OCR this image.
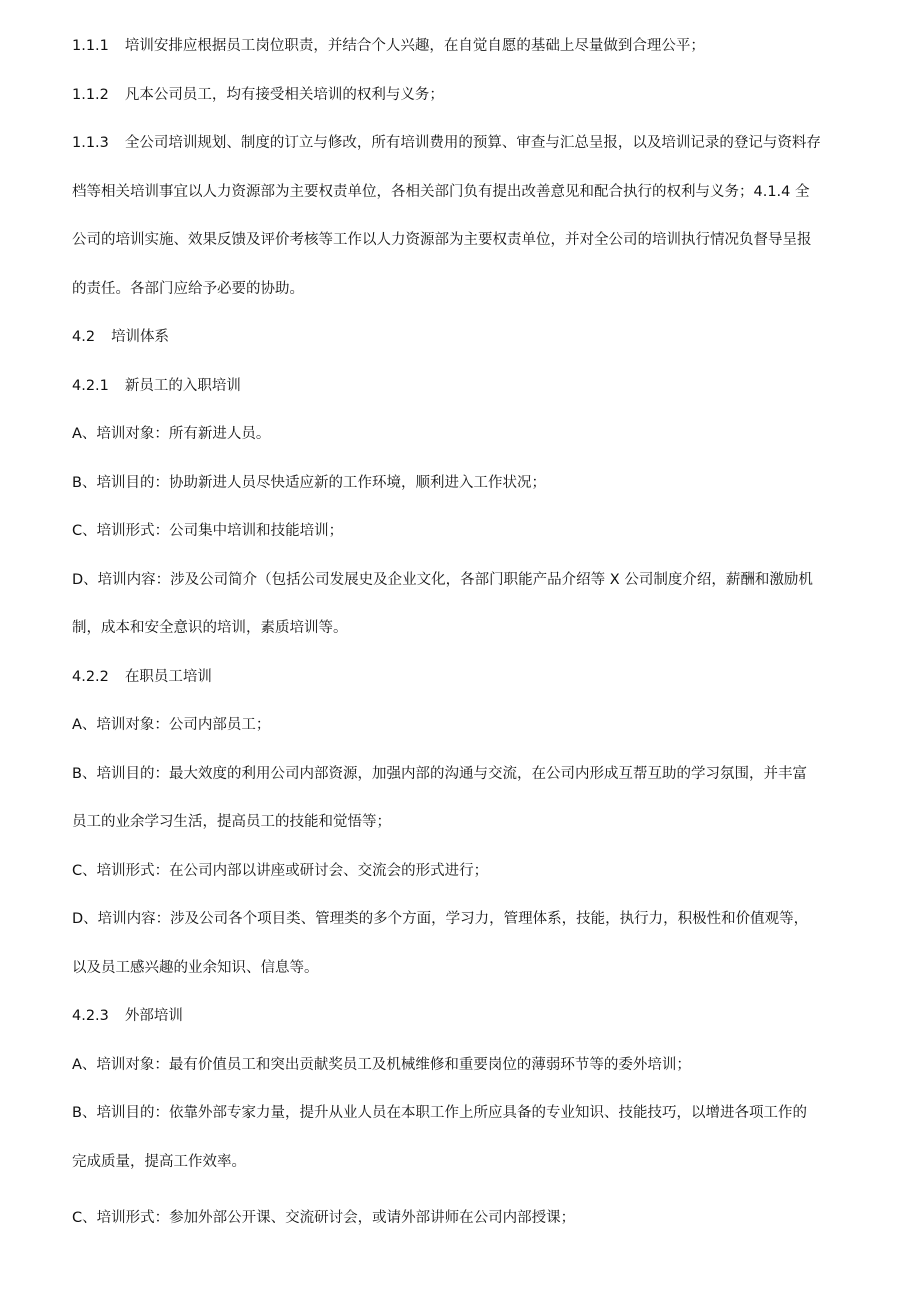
1.1.1 培训安排应根据员工岗位职责，并结合个人兴趣，在自觉自愿的基础上尽量做到合理公平；
1.1.2 凡本公司员工，均有接受相关培训的权利与义务；
1.1.3 全公司培训规划、制度的订立与修改，所有培训费用的预算、审查与汇总呈报，以及培训记录的登记与资料存
档等相关培训事宜以人力资源部为主要权责单位，各相关部门负有提出改善意见和配合执行的权利与义务；4.1.4 全
公司的培训实施、效果反馈及评价考核等工作以人力资源部为主要权责单位，并对全公司的培训执行情况负督导呈报
的责任。各部门应给予必要的协助。
4.2 培训体系
4.2.1 新员工的入职培训
A、培训对象：所有新进人员。
B、培训目的：协助新进人员尽快适应新的工作环境，顺利进入工作状况；
C、培训形式：公司集中培训和技能培训；
D、培训内容：涉及公司简介（包括公司发展史及企业文化，各部门职能产品介绍等 X 公司制度介绍，薪酬和激励机
制，成本和安全意识的培训，素质培训等。
4.2.2 在职员工培训
A、培训对象：公司内部员工；
B、培训目的：最大效度的利用公司内部资源，加强内部的沟通与交流，在公司内形成互帮互助的学习氛围，并丰富
员工的业余学习生活，提高员工的技能和觉悟等；
C、培训形式：在公司内部以讲座或研讨会、交流会的形式进行；
D、培训内容：涉及公司各个项目类、管理类的多个方面，学习力，管理体系，技能，执行力，积极性和价值观等，
以及员工感兴趣的业余知识、信息等。
4.2.3 外部培训
A、培训对象：最有价值员工和突出贡献奖员工及机械维修和重要岗位的薄弱环节等的委外培训；
B、培训目的：依靠外部专家力量，提升从业人员在本职工作上所应具备的专业知识、技能技巧，以增进各项工作的
完成质量，提高工作效率。
C、培训形式：参加外部公开课、交流研讨会，或请外部讲师在公司内部授课；
